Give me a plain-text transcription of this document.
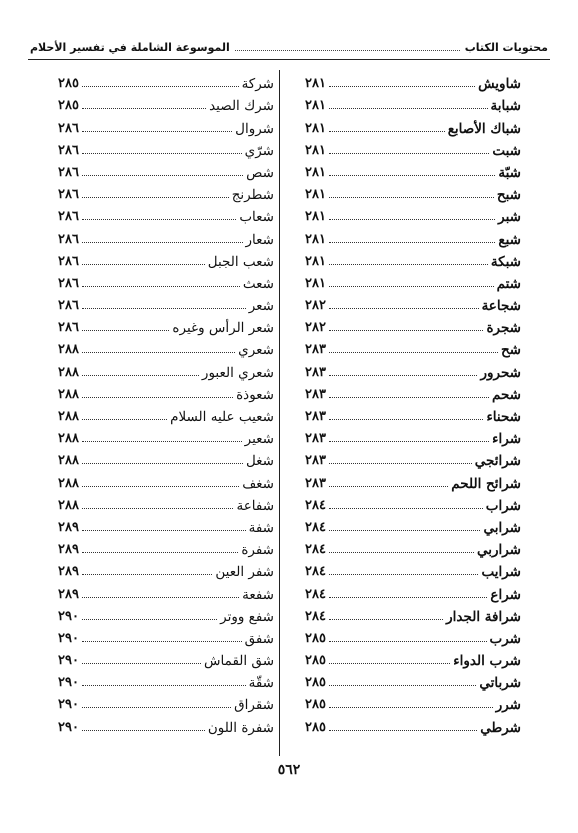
محتويات الكتاب
الموسوعة الشاملة في تفسير الأحلام
شاويش
٢٨١
شبابة
٢٨١
شباك الأصابع
٢٨١
شبت
٢٨١
شبّة
٢٨١
شبح
٢٨١
شبر
٢٨١
شبع
٢٨١
شبكة
٢٨١
شتم
٢٨١
شجاعة
٢٨٢
شجرة
٢٨٢
شح
٢٨٣
شحرور
٢٨٣
شحم
٢٨٣
شحناء
٢٨٣
شراء
٢٨٣
شرائجي
٢٨٣
شرائح اللحم
٢٨٣
شراب
٢٨٤
شرابي
٢٨٤
شراربي
٢٨٤
شرايب
٢٨٤
شراع
٢٨٤
شرافة الجدار
٢٨٤
شرب
٢٨٥
شرب الدواء
٢٨٥
شرباتي
٢٨٥
شرر
٢٨٥
شرطي
٢٨٥
شركة
٢٨٥
شرك الصيد
٢٨٥
شروال
٢٨٦
شرّي
٢٨٦
شص
٢٨٦
شطرنج
٢٨٦
شعاب
٢٨٦
شعار
٢٨٦
شعب الجبل
٢٨٦
شعث
٢٨٦
شعر
٢٨٦
شعر الرأس وغيره
٢٨٦
شعري
٢٨٨
شعري العبور
٢٨٨
شعوذة
٢٨٨
شعيب عليه السلام
٢٨٨
شعير
٢٨٨
شغل
٢٨٨
شغف
٢٨٨
شفاعة
٢٨٨
شفة
٢٨٩
شفرة
٢٨٩
شفر العين
٢٨٩
شفعة
٢٨٩
شفع ووتر
٢٩٠
شفق
٢٩٠
شق القماش
٢٩٠
شقّة
٢٩٠
شقراق
٢٩٠
شفرة اللون
٢٩٠
٥٦٢
